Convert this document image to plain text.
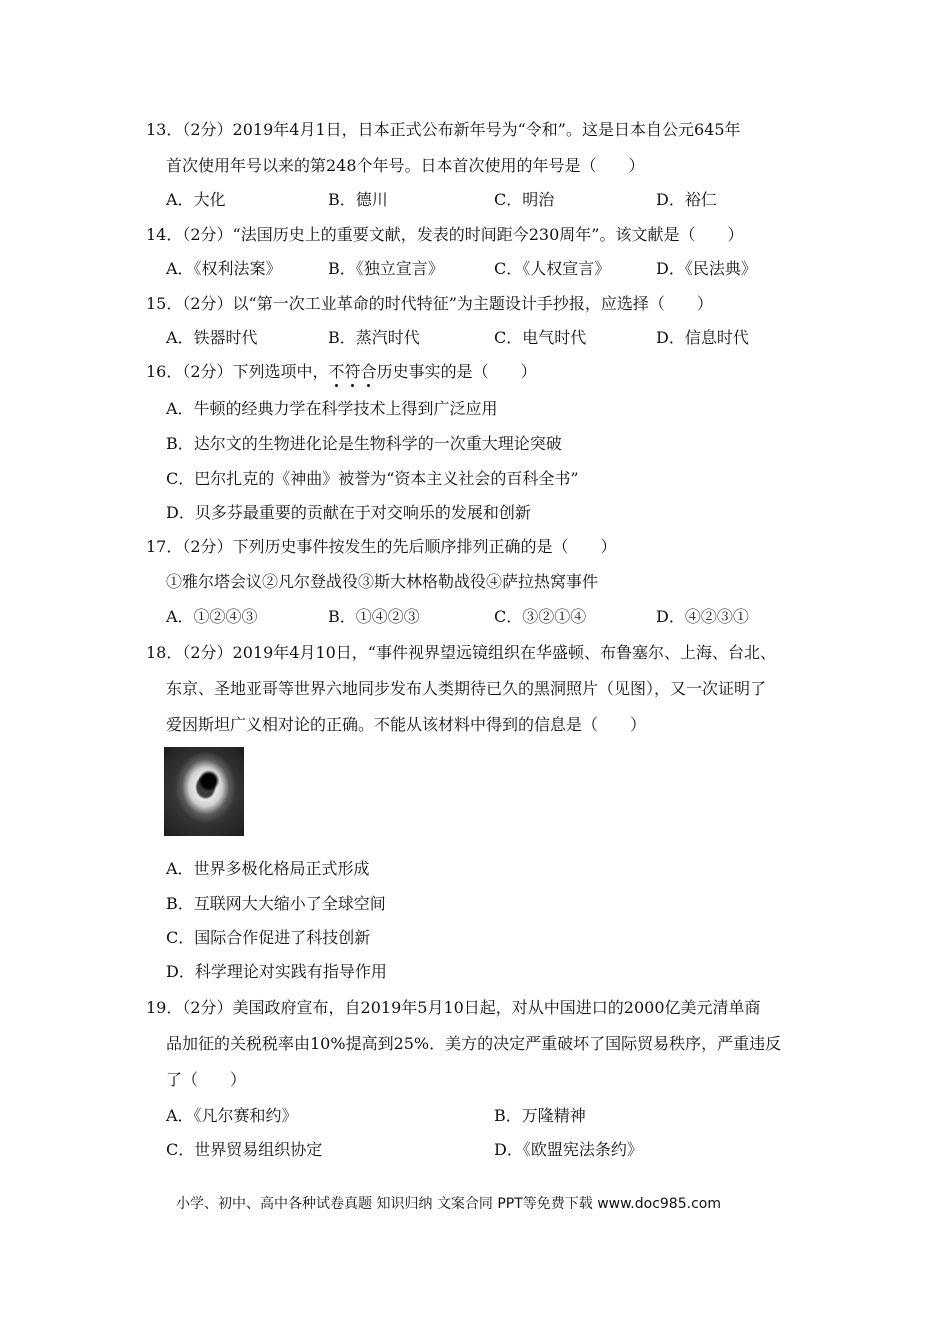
13．（2分）2019年4月1日，日本正式公布新年号为“令和”。这是日本自公元645年
首次使用年号以来的第248个年号。日本首次使用的年号是（　　）
A．大化	B．德川	C．明治	D．裕仁
14．（2分）“法国历史上的重要文献，发表的时间距今230周年”。该文献是（　　）
A．《权利法案》	B．《独立宣言》	C．《人权宣言》	D．《民法典》
15．（2分）以“第一次工业革命的时代特征”为主题设计手抄报，应选择（　　）
A．铁器时代	B．蒸汽时代	C．电气时代	D．信息时代
16．（2分）下列选项中，不符合历史事实的是（　　）
A．牛顿的经典力学在科学技术上得到广泛应用
B．达尔文的生物进化论是生物科学的一次重大理论突破
C．巴尔扎克的《神曲》被誉为“资本主义社会的百科全书”
D．贝多芬最重要的贡献在于对交响乐的发展和创新
17．（2分）下列历史事件按发生的先后顺序排列正确的是（　　）
①雅尔塔会议②凡尔登战役③斯大林格勒战役④萨拉热窝事件
A．①②④③	B．①④②③	C．③②①④	D．④②③①
18．（2分）2019年4月10日，“事件视界望远镜组织在华盛顿、布鲁塞尔、上海、台北、
东京、圣地亚哥等世界六地同步发布人类期待已久的黑洞照片（见图），又一次证明了
爱因斯坦广义相对论的正确。不能从该材料中得到的信息是（　　）
A．世界多极化格局正式形成
B．互联网大大缩小了全球空间
C．国际合作促进了科技创新
D．科学理论对实践有指导作用
19．（2分）美国政府宣布，自2019年5月10日起，对从中国进口的2000亿美元清单商
品加征的关税税率由10%提高到25%．美方的决定严重破坏了国际贸易秩序，严重违反
了（　　）
A．《凡尔赛和约》	B．万隆精神
C．世界贸易组织协定	D．《欧盟宪法条约》
小学、初中、高中各种试卷真题 知识归纳 文案合同 PPT等免费下载 www.doc985.com
